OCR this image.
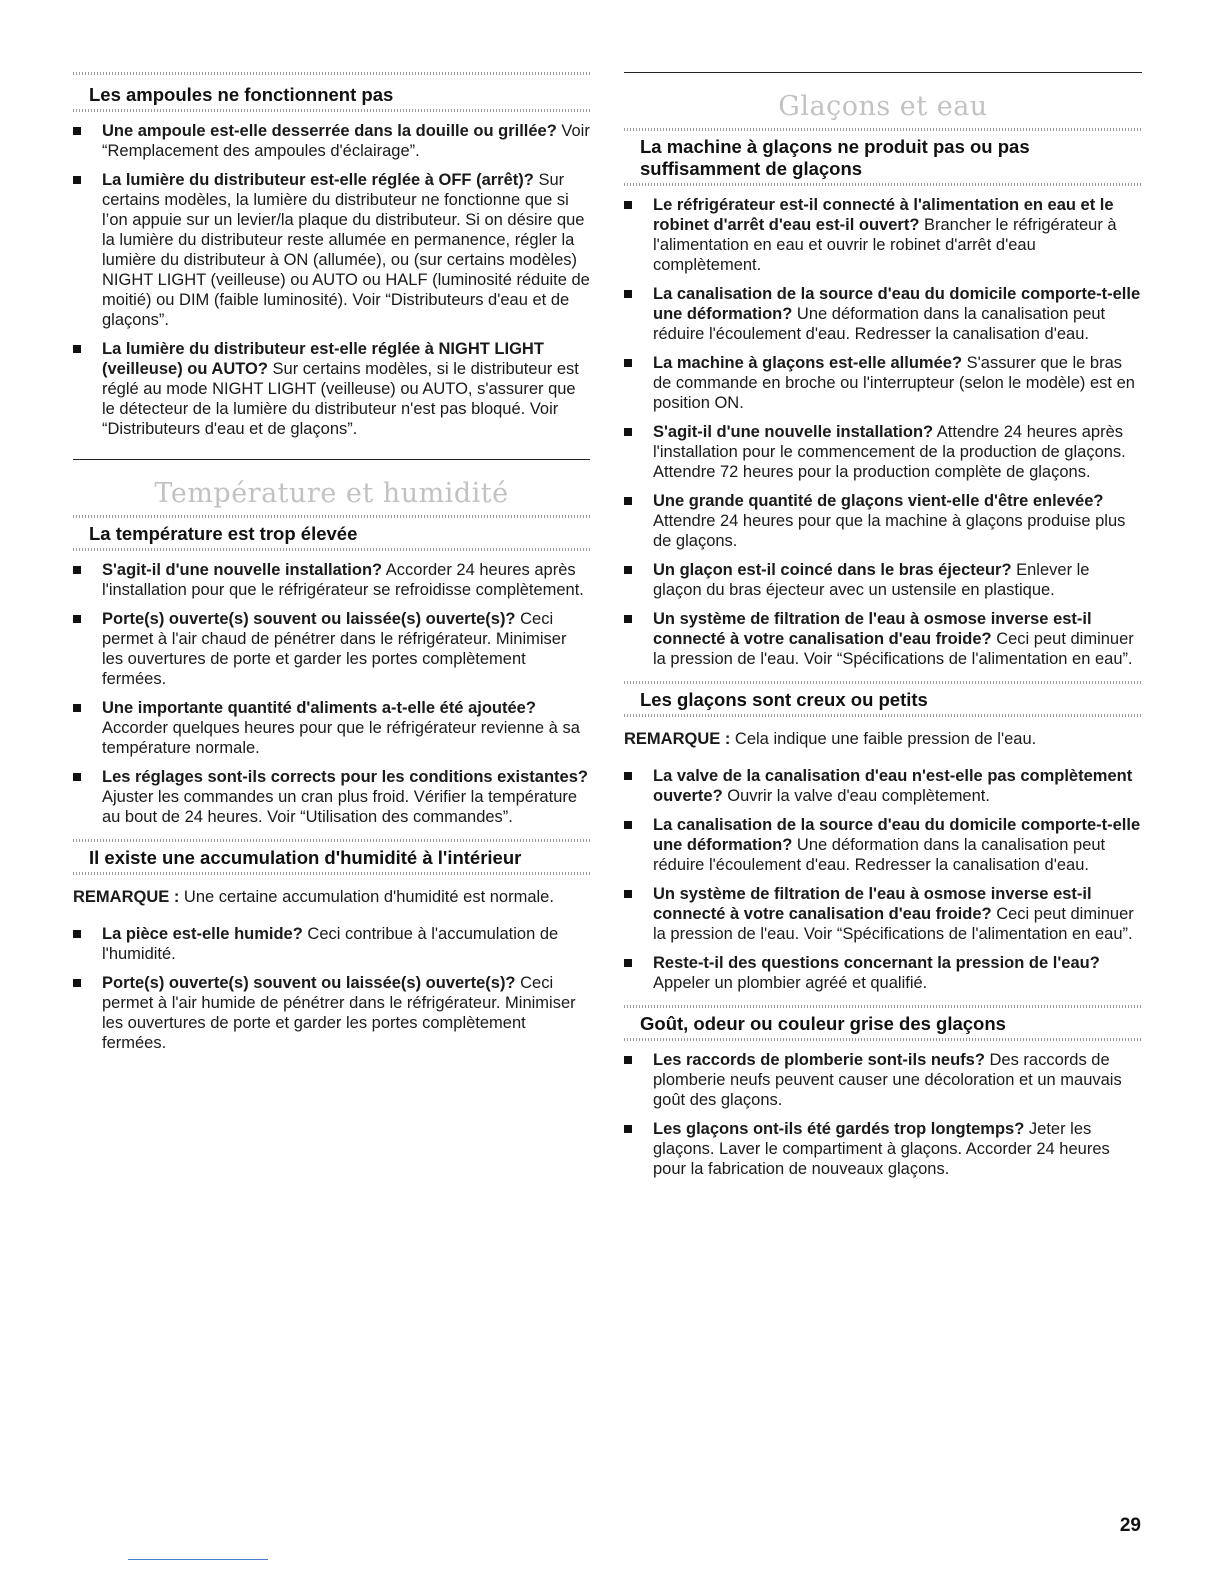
Les ampoules ne fonctionnent pas
Une ampoule est-elle desserrée dans la douille ou grillée? Voir “Remplacement des ampoules d'éclairage”.
La lumière du distributeur est-elle réglée à OFF (arrêt)? Sur certains modèles, la lumière du distributeur ne fonctionne que si l’on appuie sur un levier/la plaque du distributeur. Si on désire que la lumière du distributeur reste allumée en permanence, régler la lumière du distributeur à ON (allumée), ou (sur certains modèles) NIGHT LIGHT (veilleuse) ou AUTO ou HALF (luminosité réduite de moitié) ou DIM (faible luminosité). Voir “Distributeurs d'eau et de glaçons”.
La lumière du distributeur est-elle réglée à NIGHT LIGHT (veilleuse) ou AUTO? Sur certains modèles, si le distributeur est réglé au mode NIGHT LIGHT (veilleuse) ou AUTO, s'assurer que le détecteur de la lumière du distributeur n'est pas bloqué. Voir “Distributeurs d'eau et de glaçons”.
Température et humidité
La température est trop élevée
S'agit-il d'une nouvelle installation? Accorder 24 heures après l'installation pour que le réfrigérateur se refroidisse complètement.
Porte(s) ouverte(s) souvent ou laissée(s) ouverte(s)? Ceci permet à l'air chaud de pénétrer dans le réfrigérateur. Minimiser les ouvertures de porte et garder les portes complètement fermées.
Une importante quantité d'aliments a-t-elle été ajoutée? Accorder quelques heures pour que le réfrigérateur revienne à sa température normale.
Les réglages sont-ils corrects pour les conditions existantes? Ajuster les commandes un cran plus froid. Vérifier la température au bout de 24 heures. Voir “Utilisation des commandes”.
Il existe une accumulation d'humidité à l'intérieur

REMARQUE : Une certaine accumulation d'humidité est normale.

La pièce est-elle humide? Ceci contribue à l'accumulation de l'humidité.
Porte(s) ouverte(s) souvent ou laissée(s) ouverte(s)? Ceci permet à l'air humide de pénétrer dans le réfrigérateur. Minimiser les ouvertures de porte et garder les portes complètement fermées.
Glaçons et eau
La machine à glaçons ne produit pas ou pas suffisamment de glaçons
Le réfrigérateur est-il connecté à l'alimentation en eau et le robinet d'arrêt d'eau est-il ouvert? Brancher le réfrigérateur à l'alimentation en eau et ouvrir le robinet d'arrêt d'eau complètement.
La canalisation de la source d'eau du domicile comporte-t-elle une déformation? Une déformation dans la canalisation peut réduire l'écoulement d'eau. Redresser la canalisation d'eau.
La machine à glaçons est-elle allumée? S'assurer que le bras de commande en broche ou l'interrupteur (selon le modèle) est en position ON.
S'agit-il d'une nouvelle installation? Attendre 24 heures après l'installation pour le commencement de la production de glaçons. Attendre 72 heures pour la production complète de glaçons.
Une grande quantité de glaçons vient-elle d'être enlevée? Attendre 24 heures pour que la machine à glaçons produise plus de glaçons.
Un glaçon est-il coincé dans le bras éjecteur? Enlever le glaçon du bras éjecteur avec un ustensile en plastique.
Un système de filtration de l'eau à osmose inverse est-il connecté à votre canalisation d'eau froide? Ceci peut diminuer la pression de l'eau. Voir “Spécifications de l'alimentation en eau”.
Les glaçons sont creux ou petits

REMARQUE : Cela indique une faible pression de l'eau.

La valve de la canalisation d'eau n'est-elle pas complètement ouverte? Ouvrir la valve d'eau complètement.
La canalisation de la source d'eau du domicile comporte-t-elle une déformation? Une déformation dans la canalisation peut réduire l'écoulement d'eau. Redresser la canalisation d'eau.
Un système de filtration de l'eau à osmose inverse est-il connecté à votre canalisation d'eau froide? Ceci peut diminuer la pression de l'eau. Voir “Spécifications de l'alimentation en eau”.
Reste-t-il des questions concernant la pression de l'eau? Appeler un plombier agréé et qualifié.
Goût, odeur ou couleur grise des glaçons
Les raccords de plomberie sont-ils neufs? Des raccords de plomberie neufs peuvent causer une décoloration et un mauvais goût des glaçons.
Les glaçons ont-ils été gardés trop longtemps? Jeter les glaçons. Laver le compartiment à glaçons. Accorder 24 heures pour la fabrication de nouveaux glaçons.
29
